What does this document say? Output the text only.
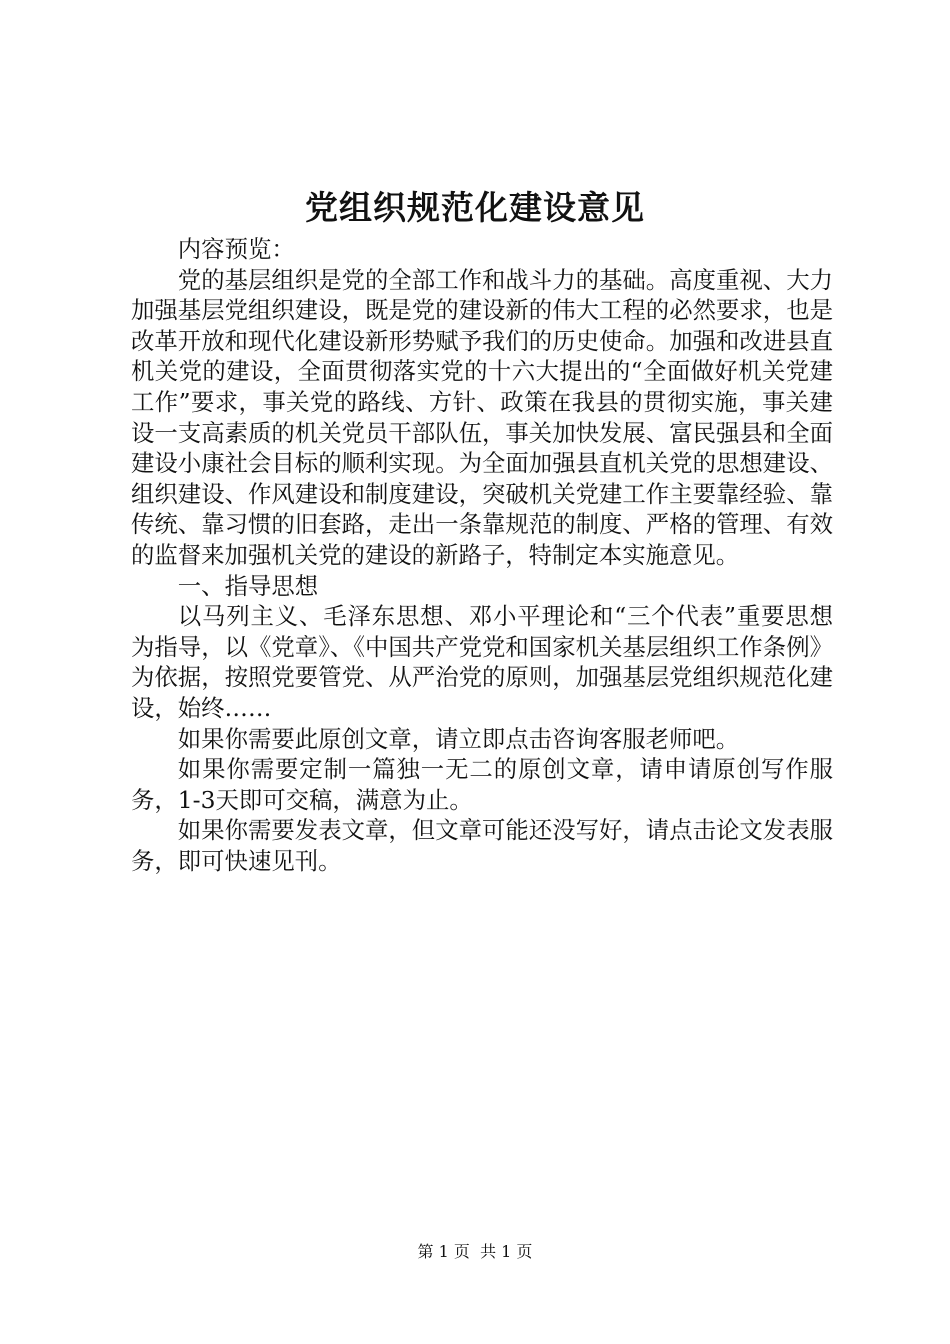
党组织规范化建设意见

内容预览：

党的基层组织是党的全部工作和战斗力的基础。高度重视、大力加强基层党组织建设，既是党的建设新的伟大工程的必然要求，也是改革开放和现代化建设新形势赋予我们的历史使命。加强和改进县直机关党的建设，全面贯彻落实党的十六大提出的“全面做好机关党建工作”要求，事关党的路线、方针、政策在我县的贯彻实施，事关建设一支高素质的机关党员干部队伍，事关加快发展、富民强县和全面建设小康社会目标的顺利实现。为全面加强县直机关党的思想建设、组织建设、作风建设和制度建设，突破机关党建工作主要靠经验、靠传统、靠习惯的旧套路，走出一条靠规范的制度、严格的管理、有效的监督来加强机关党的建设的新路子，特制定本实施意见。

一、指导思想

以马列主义、毛泽东思想、邓小平理论和“三个代表”重要思想为指导，以《党章》、《中国共产党党和国家机关基层组织工作条例》为依据，按照党要管党、从严治党的原则，加强基层党组织规范化建设，始终……

如果你需要此原创文章，请立即点击咨询客服老师吧。

如果你需要定制一篇独一无二的原创文章，请申请原创写作服务，1-3天即可交稿，满意为止。

如果你需要发表文章，但文章可能还没写好，请点击论文发表服务，即可快速见刊。

第 1 页  共 1 页
